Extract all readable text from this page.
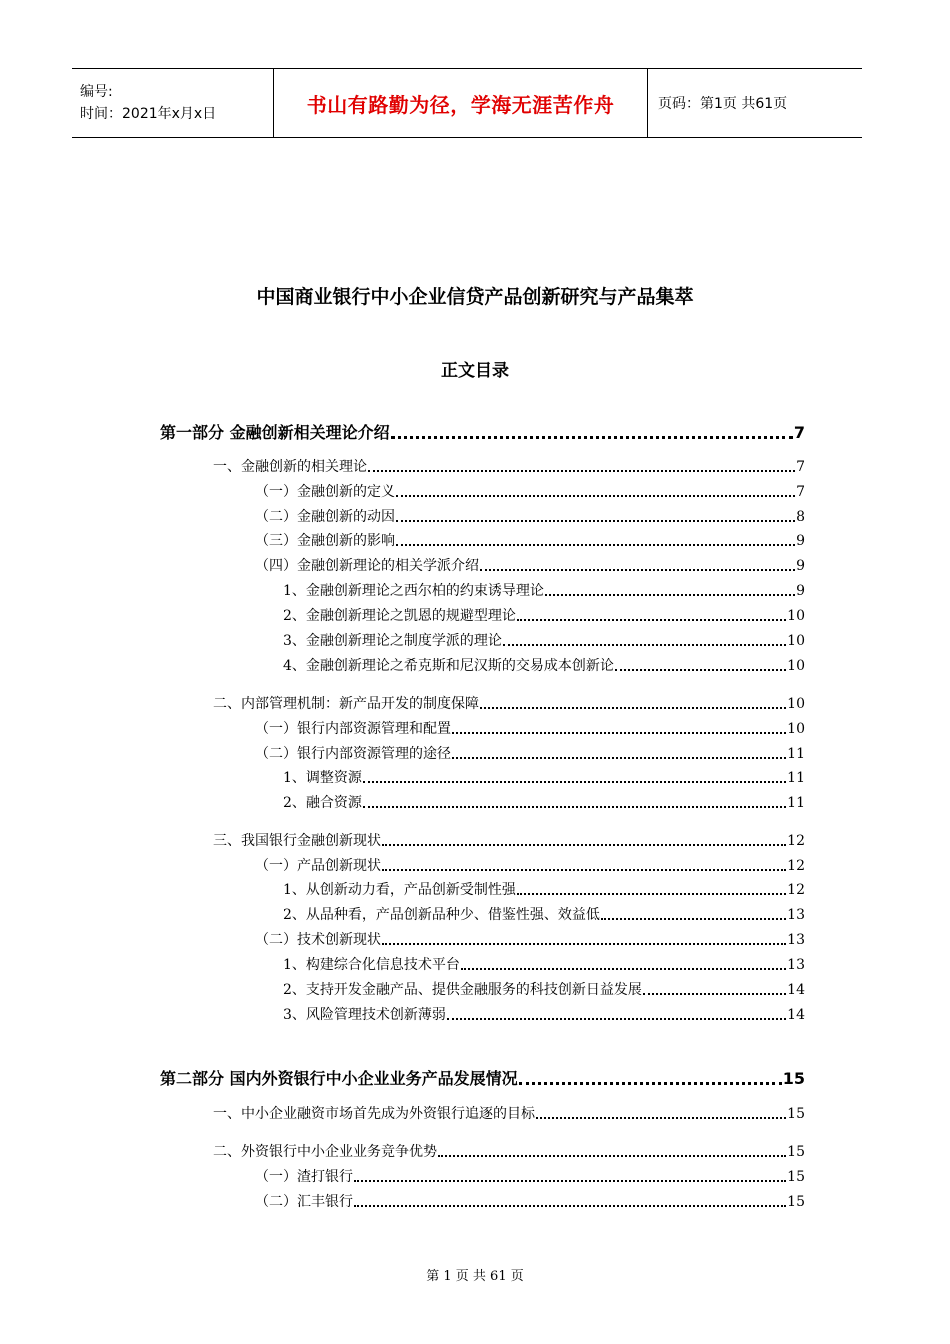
编号:
时间：2021年x月x日	书山有路勤为径，学海无涯苦作舟	页码：第1页 共61页
中国商业银行中小企业信贷产品创新研究与产品集萃
正文目录
第一部分 金融创新相关理论介绍	7
一、金融创新的相关理论	7
（一）金融创新的定义	7
（二）金融创新的动因	8
（三）金融创新的影响	9
（四）金融创新理论的相关学派介绍	9
1、金融创新理论之西尔柏的约束诱导理论	9
2、金融创新理论之凯恩的规避型理论	10
3、金融创新理论之制度学派的理论	10
4、金融创新理论之希克斯和尼汉斯的交易成本创新论	10
二、内部管理机制：新产品开发的制度保障	10
（一）银行内部资源管理和配置	10
（二）银行内部资源管理的途径	11
1、调整资源	11
2、融合资源	11
三、我国银行金融创新现状	12
（一）产品创新现状	12
1、从创新动力看，产品创新受制性强	12
2、从品种看，产品创新品种少、借鉴性强、效益低	13
（二）技术创新现状	13
1、构建综合化信息技术平台	13
2、支持开发金融产品、提供金融服务的科技创新日益发展	14
3、风险管理技术创新薄弱	14
第二部分 国内外资银行中小企业业务产品发展情况	15
一、中小企业融资市场首先成为外资银行追逐的目标	15
二、外资银行中小企业业务竞争优势	15
（一）渣打银行	15
（二）汇丰银行	15
第 1 页 共 61 页
